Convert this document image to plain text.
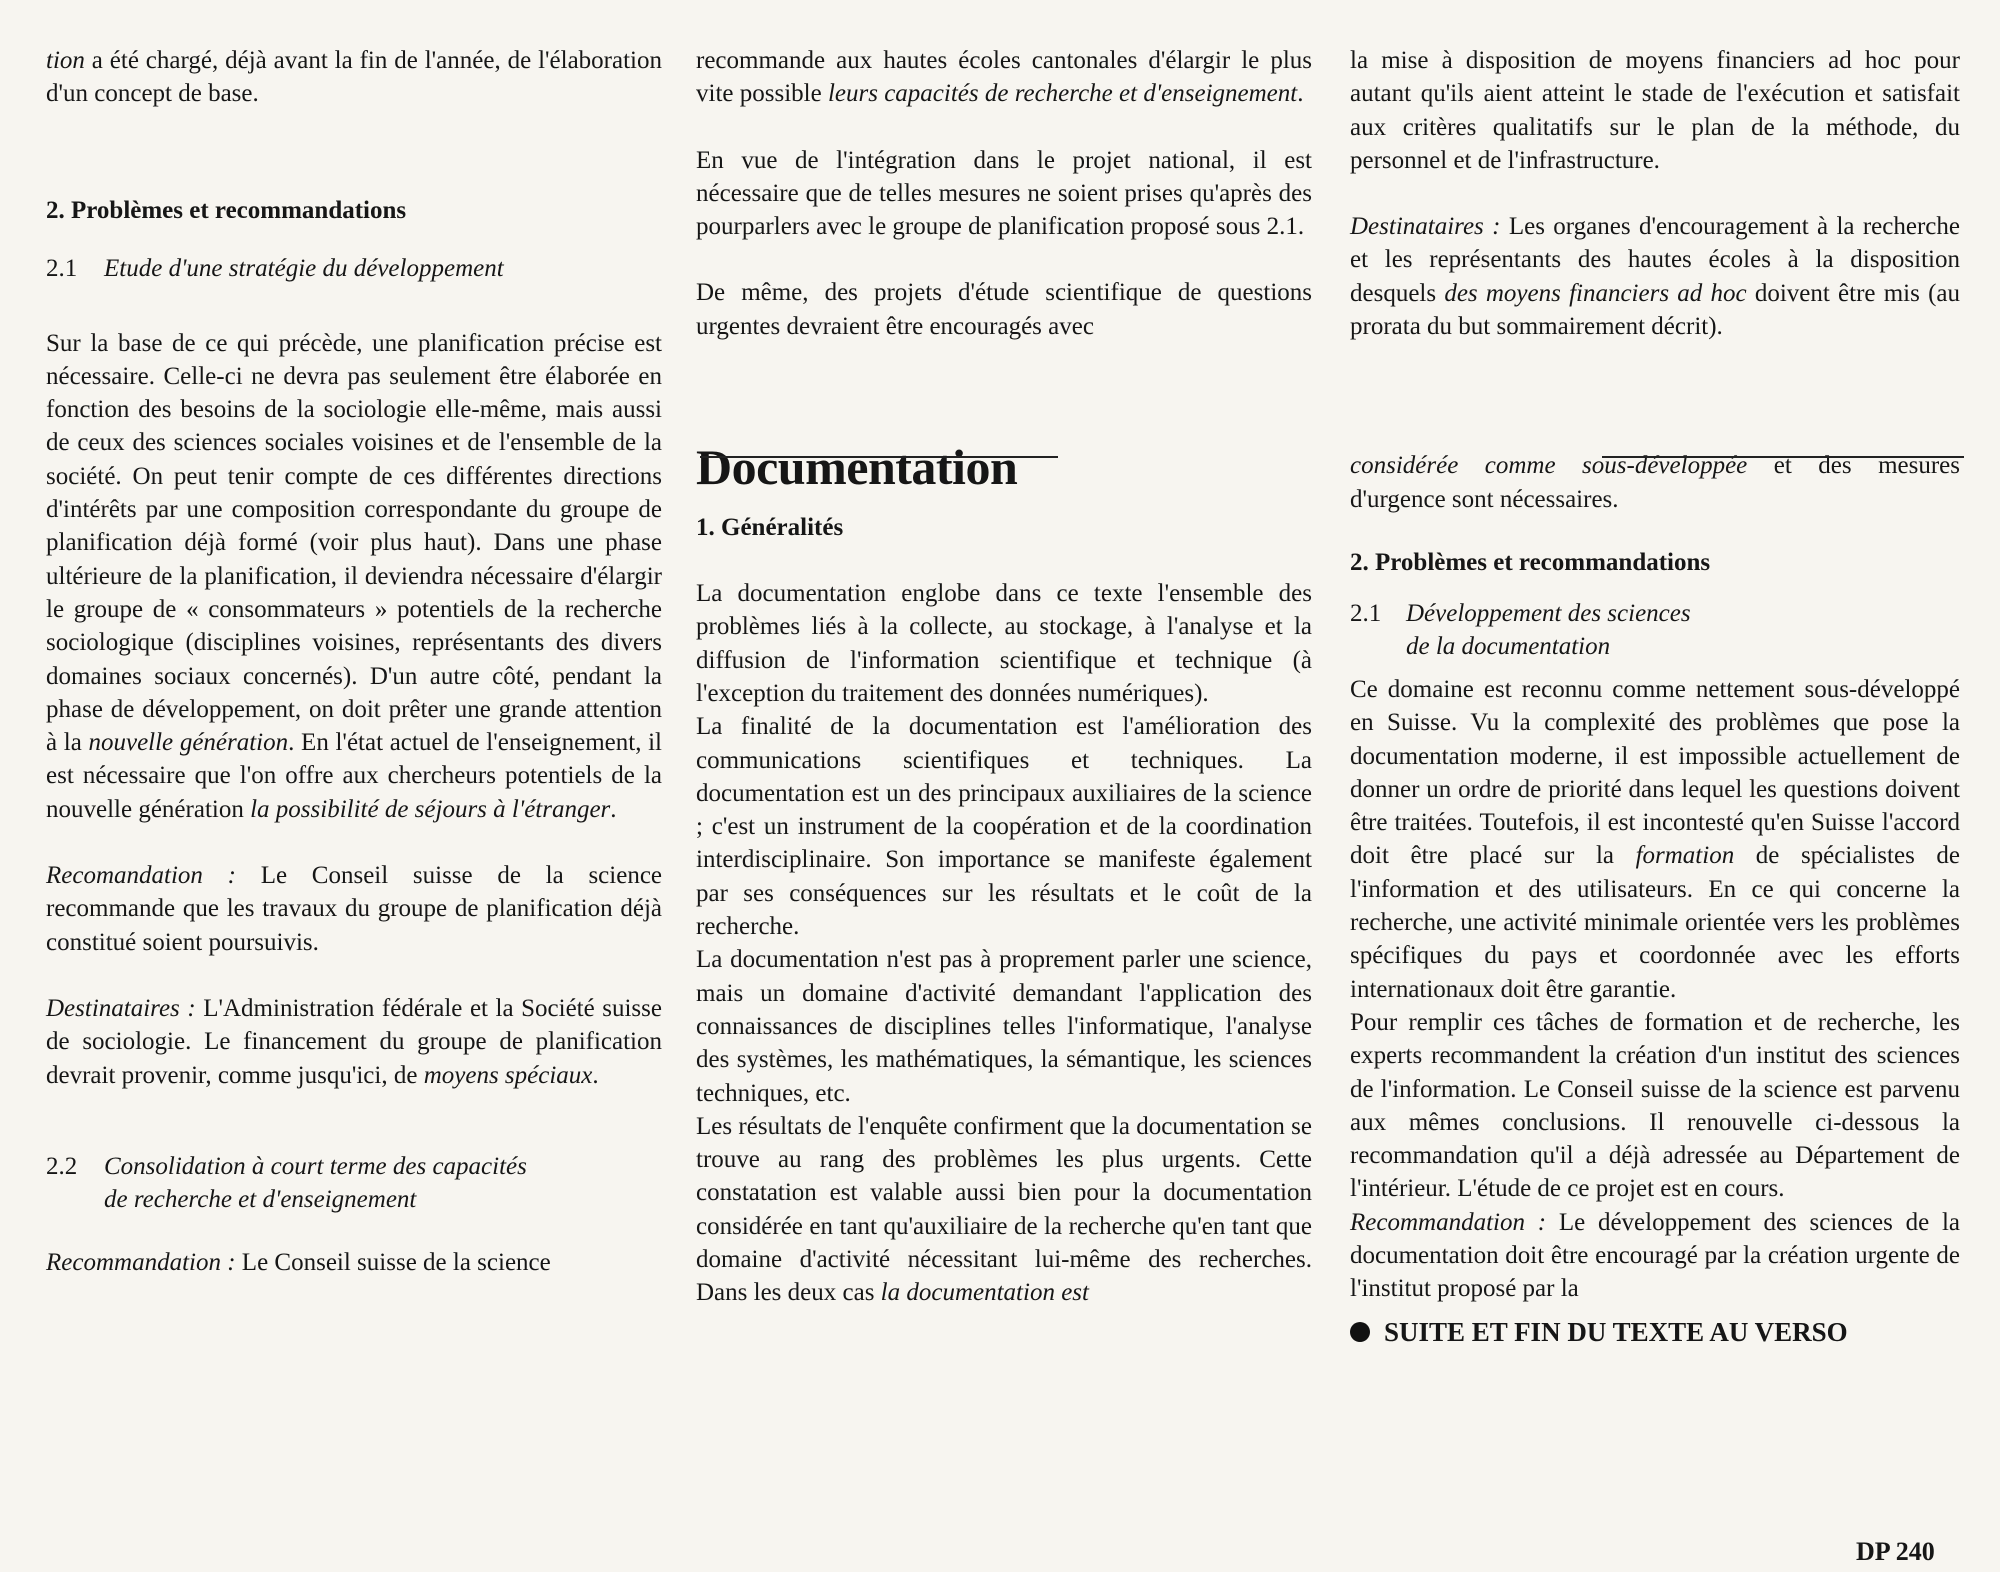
tion a été chargé, déjà avant la fin de l'année, de l'élaboration d'un concept de base.

2. Problèmes et recommandations

2.1	Etude d'une stratégie du développement

Sur la base de ce qui précède, une planification précise est nécessaire. Celle-ci ne devra pas seulement être élaborée en fonction des besoins de la sociologie elle-même, mais aussi de ceux des sciences sociales voisines et de l'ensemble de la société. On peut tenir compte de ces différentes directions d'intérêts par une composition correspondante du groupe de planification déjà formé (voir plus haut). Dans une phase ultérieure de la planification, il deviendra nécessaire d'élargir le groupe de « consommateurs » potentiels de la recherche sociologique (disciplines voisines, représentants des divers domaines sociaux concernés). D'un autre côté, pendant la phase de développement, on doit prêter une grande attention à la nouvelle génération. En l'état actuel de l'enseignement, il est nécessaire que l'on offre aux chercheurs potentiels de la nouvelle génération la possibilité de séjours à l'étranger.

Recomandation : Le Conseil suisse de la science recommande que les travaux du groupe de planification déjà constitué soient poursuivis.

Destinataires : L'Administration fédérale et la Société suisse de sociologie. Le financement du groupe de planification devrait provenir, comme jusqu'ici, de moyens spéciaux.

2.2	Consolidation à court terme des capacités
de recherche et d'enseignement

Recommandation : Le Conseil suisse de la science

recommande aux hautes écoles cantonales d'élargir le plus vite possible leurs capacités de recherche et d'enseignement.

En vue de l'intégration dans le projet national, il est nécessaire que de telles mesures ne soient prises qu'après des pourparlers avec le groupe de planification proposé sous 2.1.

De même, des projets d'étude scientifique de questions urgentes devraient être encouragés avec

Documentation

1. Généralités

La documentation englobe dans ce texte l'ensemble des problèmes liés à la collecte, au stockage, à l'analyse et la diffusion de l'information scientifique et technique (à l'exception du traitement des données numériques).

La finalité de la documentation est l'amélioration des communications scientifiques et techniques. La documentation est un des principaux auxiliaires de la science ; c'est un instrument de la coopération et de la coordination interdisciplinaire. Son importance se manifeste également par ses conséquences sur les résultats et le coût de la recherche.

La documentation n'est pas à proprement parler une science, mais un domaine d'activité demandant l'application des connaissances de disciplines telles l'informatique, l'analyse des systèmes, les mathématiques, la sémantique, les sciences techniques, etc.

Les résultats de l'enquête confirment que la documentation se trouve au rang des problèmes les plus urgents. Cette constatation est valable aussi bien pour la documentation considérée en tant qu'auxiliaire de la recherche qu'en tant que domaine d'activité nécessitant lui-même des recherches. Dans les deux cas la documentation est

la mise à disposition de moyens financiers ad hoc pour autant qu'ils aient atteint le stade de l'exécution et satisfait aux critères qualitatifs sur le plan de la méthode, du personnel et de l'infrastructure.

Destinataires : Les organes d'encouragement à la recherche et les représentants des hautes écoles à la disposition desquels des moyens financiers ad hoc doivent être mis (au prorata du but sommairement décrit).

considérée comme sous-développée et des mesures d'urgence sont nécessaires.

2. Problèmes et recommandations

2.1 Développement des sciences
de la documentation

Ce domaine est reconnu comme nettement sous-développé en Suisse. Vu la complexité des problèmes que pose la documentation moderne, il est impossible actuellement de donner un ordre de priorité dans lequel les questions doivent être traitées. Toutefois, il est incontesté qu'en Suisse l'accord doit être placé sur la formation de spécialistes de l'information et des utilisateurs. En ce qui concerne la recherche, une activité minimale orientée vers les problèmes spécifiques du pays et coordonnée avec les efforts internationaux doit être garantie.

Pour remplir ces tâches de formation et de recherche, les experts recommandent la création d'un institut des sciences de l'information. Le Conseil suisse de la science est parvenu aux mêmes conclusions. Il renouvelle ci-dessous la recommandation qu'il a déjà adressée au Département de l'intérieur. L'étude de ce projet est en cours.

Recommandation : Le développement des sciences de la documentation doit être encouragé par la création urgente de l'institut proposé par la

SUITE ET FIN DU TEXTE AU VERSO

DP 240
